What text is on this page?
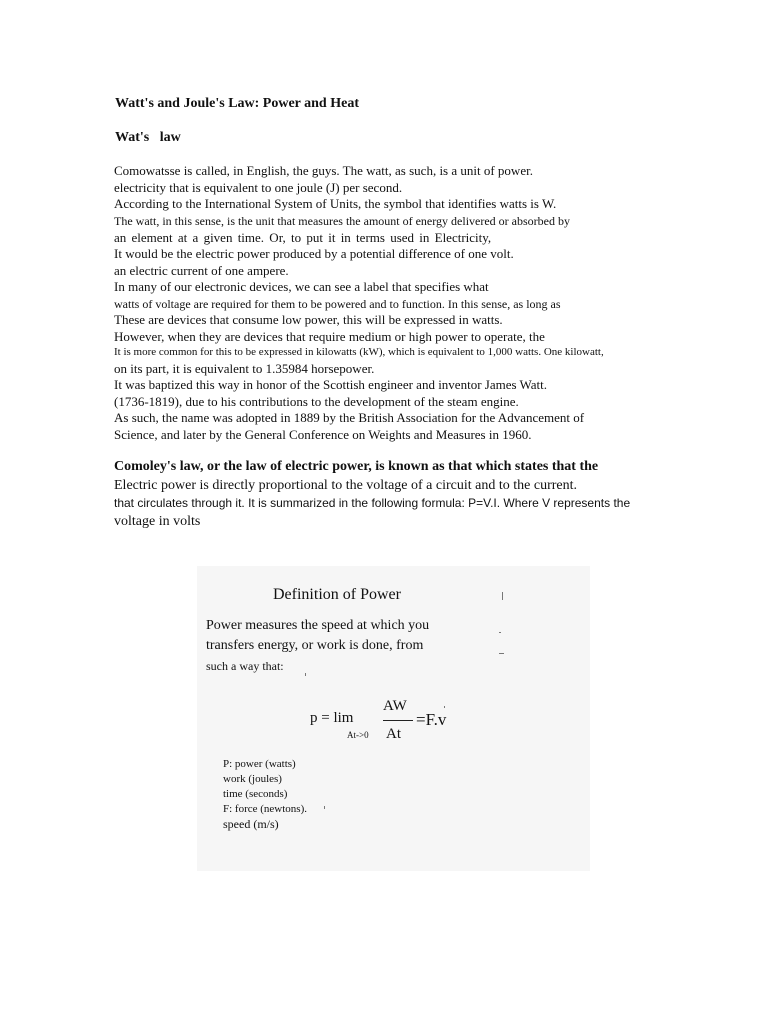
Watt's and Joule's Law: Power and Heat
Wat's   law

Comowatsse is called, in English, the guys. The watt, as such, is a unit of power.

electricity that is equivalent to one joule (J) per second.

According to the International System of Units, the symbol that identifies watts is W.

The watt, in this sense, is the unit that measures the amount of energy delivered or absorbed by

an element at a given time. Or, to put it in terms used in Electricity,

It would be the electric power produced by a potential difference of one volt.

an electric current of one ampere.

In many of our electronic devices, we can see a label that specifies what

watts of voltage are required for them to be powered and to function. In this sense, as long as

These are devices that consume low power, this will be expressed in watts.

However, when they are devices that require medium or high power to operate, the

It is more common for this to be expressed in kilowatts (kW), which is equivalent to 1,000 watts. One kilowatt,

on its part, it is equivalent to 1.35984 horsepower.

It was baptized this way in honor of the Scottish engineer and inventor James Watt.

(1736-1819), due to his contributions to the development of the steam engine.

As such, the name was adopted in 1889 by the British Association for the Advancement of

Science, and later by the General Conference on Weights and Measures in 1960.

Comoley's law, or the law of electric power, is known as that which states that the

Electric power is directly proportional to the voltage of a circuit and to the current.

that circulates through it. It is summarized in the following formula: P=V.I. Where V represents the

voltage in volts

Definition of Power

Power measures the speed at which you

transfers energy, or work is done, from

such a way that:

p = lim
At->0
AW
At
=F.v

P: power (watts)

work (joules)

time (seconds)

F: force (newtons).

speed (m/s)
